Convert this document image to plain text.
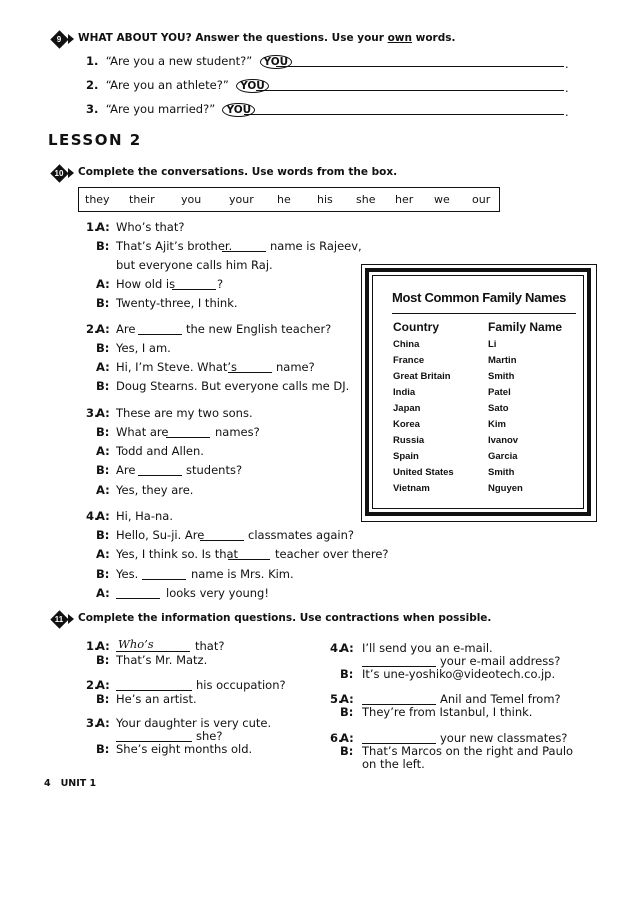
9 WHAT ABOUT YOU? Answer the questions. Use your own words.
1. “Are you a new student?” YOU	.
2. “Are you an athlete?” YOU	.
3. “Are you married?” YOU	.
LESSON 2
10 Complete the conversations. Use words from the box.
they their you	your he his she her we our
1.
A: Who’s that?
B: That’s Ajit’s brother.	name is Rajeev,
but everyone calls him Raj.
A: How old is	?
B: Twenty-three, I think.
2.
A: Are	the new English teacher?
B: Yes, I am.
A: Hi, I’m Steve. What’s	name?
B: Doug Stearns. But everyone calls me DJ.
3.
A: These are my two sons.
B: What are	names?
A: Todd and Allen.
B: Are	students?
A: Yes, they are.
4.
A: Hi, Ha-na.
B: Hello, Su-ji. Are	classmates again?
A: Yes, I think so. Is that	teacher over there?
B: Yes.	name is Mrs. Kim.
A:	looks very young!
Most Common Family Names
Country	Family Name
China	Li
France	Martin
Great Britain	Smith
India	Patel
Japan	Sato
Korea	Kim
Russia	Ivanov
Spain	Garcia
United States	Smith
Vietnam	Nguyen
11 Complete the information questions. Use contractions when possible.
1.
A: Who’s	that?
B: That’s Mr. Matz.
2.
A:	his occupation?
B: He’s an artist.
3.
A: Your daughter is very cute.
she?
B: She’s eight months old.
4.
A: I’ll send you an e-mail.
your e-mail address?
B: It’s une-yoshiko@videotech.co.jp.
5.
A:	Anil and Temel from?
B: They’re from Istanbul, I think.
6.
A:	your new classmates?
B: That’s Marcos on the right and Paulo
on the left.
4 UNIT 1
